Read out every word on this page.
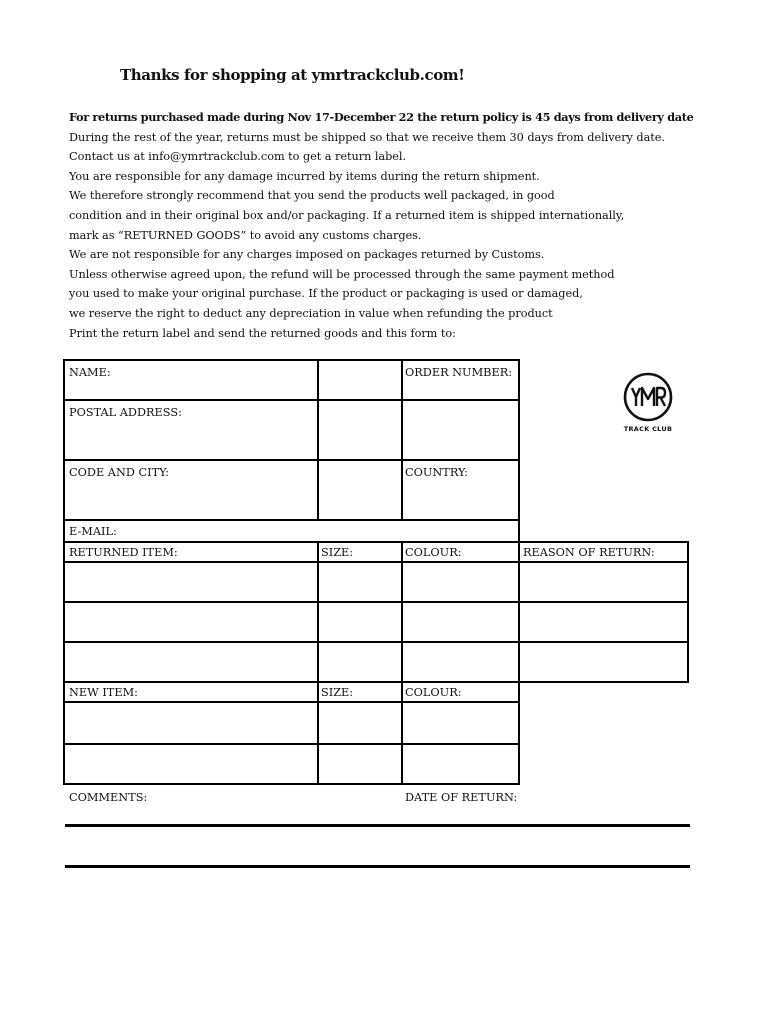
Thanks for shopping at ymrtrackclub.com!
For returns purchased made during Nov 17-December 22 the return policy is 45 days from delivery date
During the rest of the year, returns must be shipped so that we receive them 30 days from delivery date.
Contact us at info@ymrtrackclub.com to get a return label.
You are responsible for any damage incurred by items during the return shipment.
We therefore strongly recommend that you send the products well packaged, in good
condition and in their original box and/or packaging. If a returned item is shipped internationally,
mark as “RETURNED GOODS” to avoid any customs charges.
We are not responsible for any charges imposed on packages returned by Customs.
Unless otherwise agreed upon, the refund will be processed through the same payment method
you used to make your original purchase. If the product or packaging is used or damaged,
we reserve the right to deduct any depreciation in value when refunding the product
Print the return label and send the returned goods and this form to:
NAME:	ORDER NUMBER:
POSTAL ADDRESS:
CODE AND CITY:	COUNTRY:
E-MAIL:
RETURNED ITEM:	SIZE:	COLOUR:	REASON OF RETURN:
NEW ITEM:	SIZE:	COLOUR:
COMMENTS:	DATE OF RETURN:
TRACK CLUB
